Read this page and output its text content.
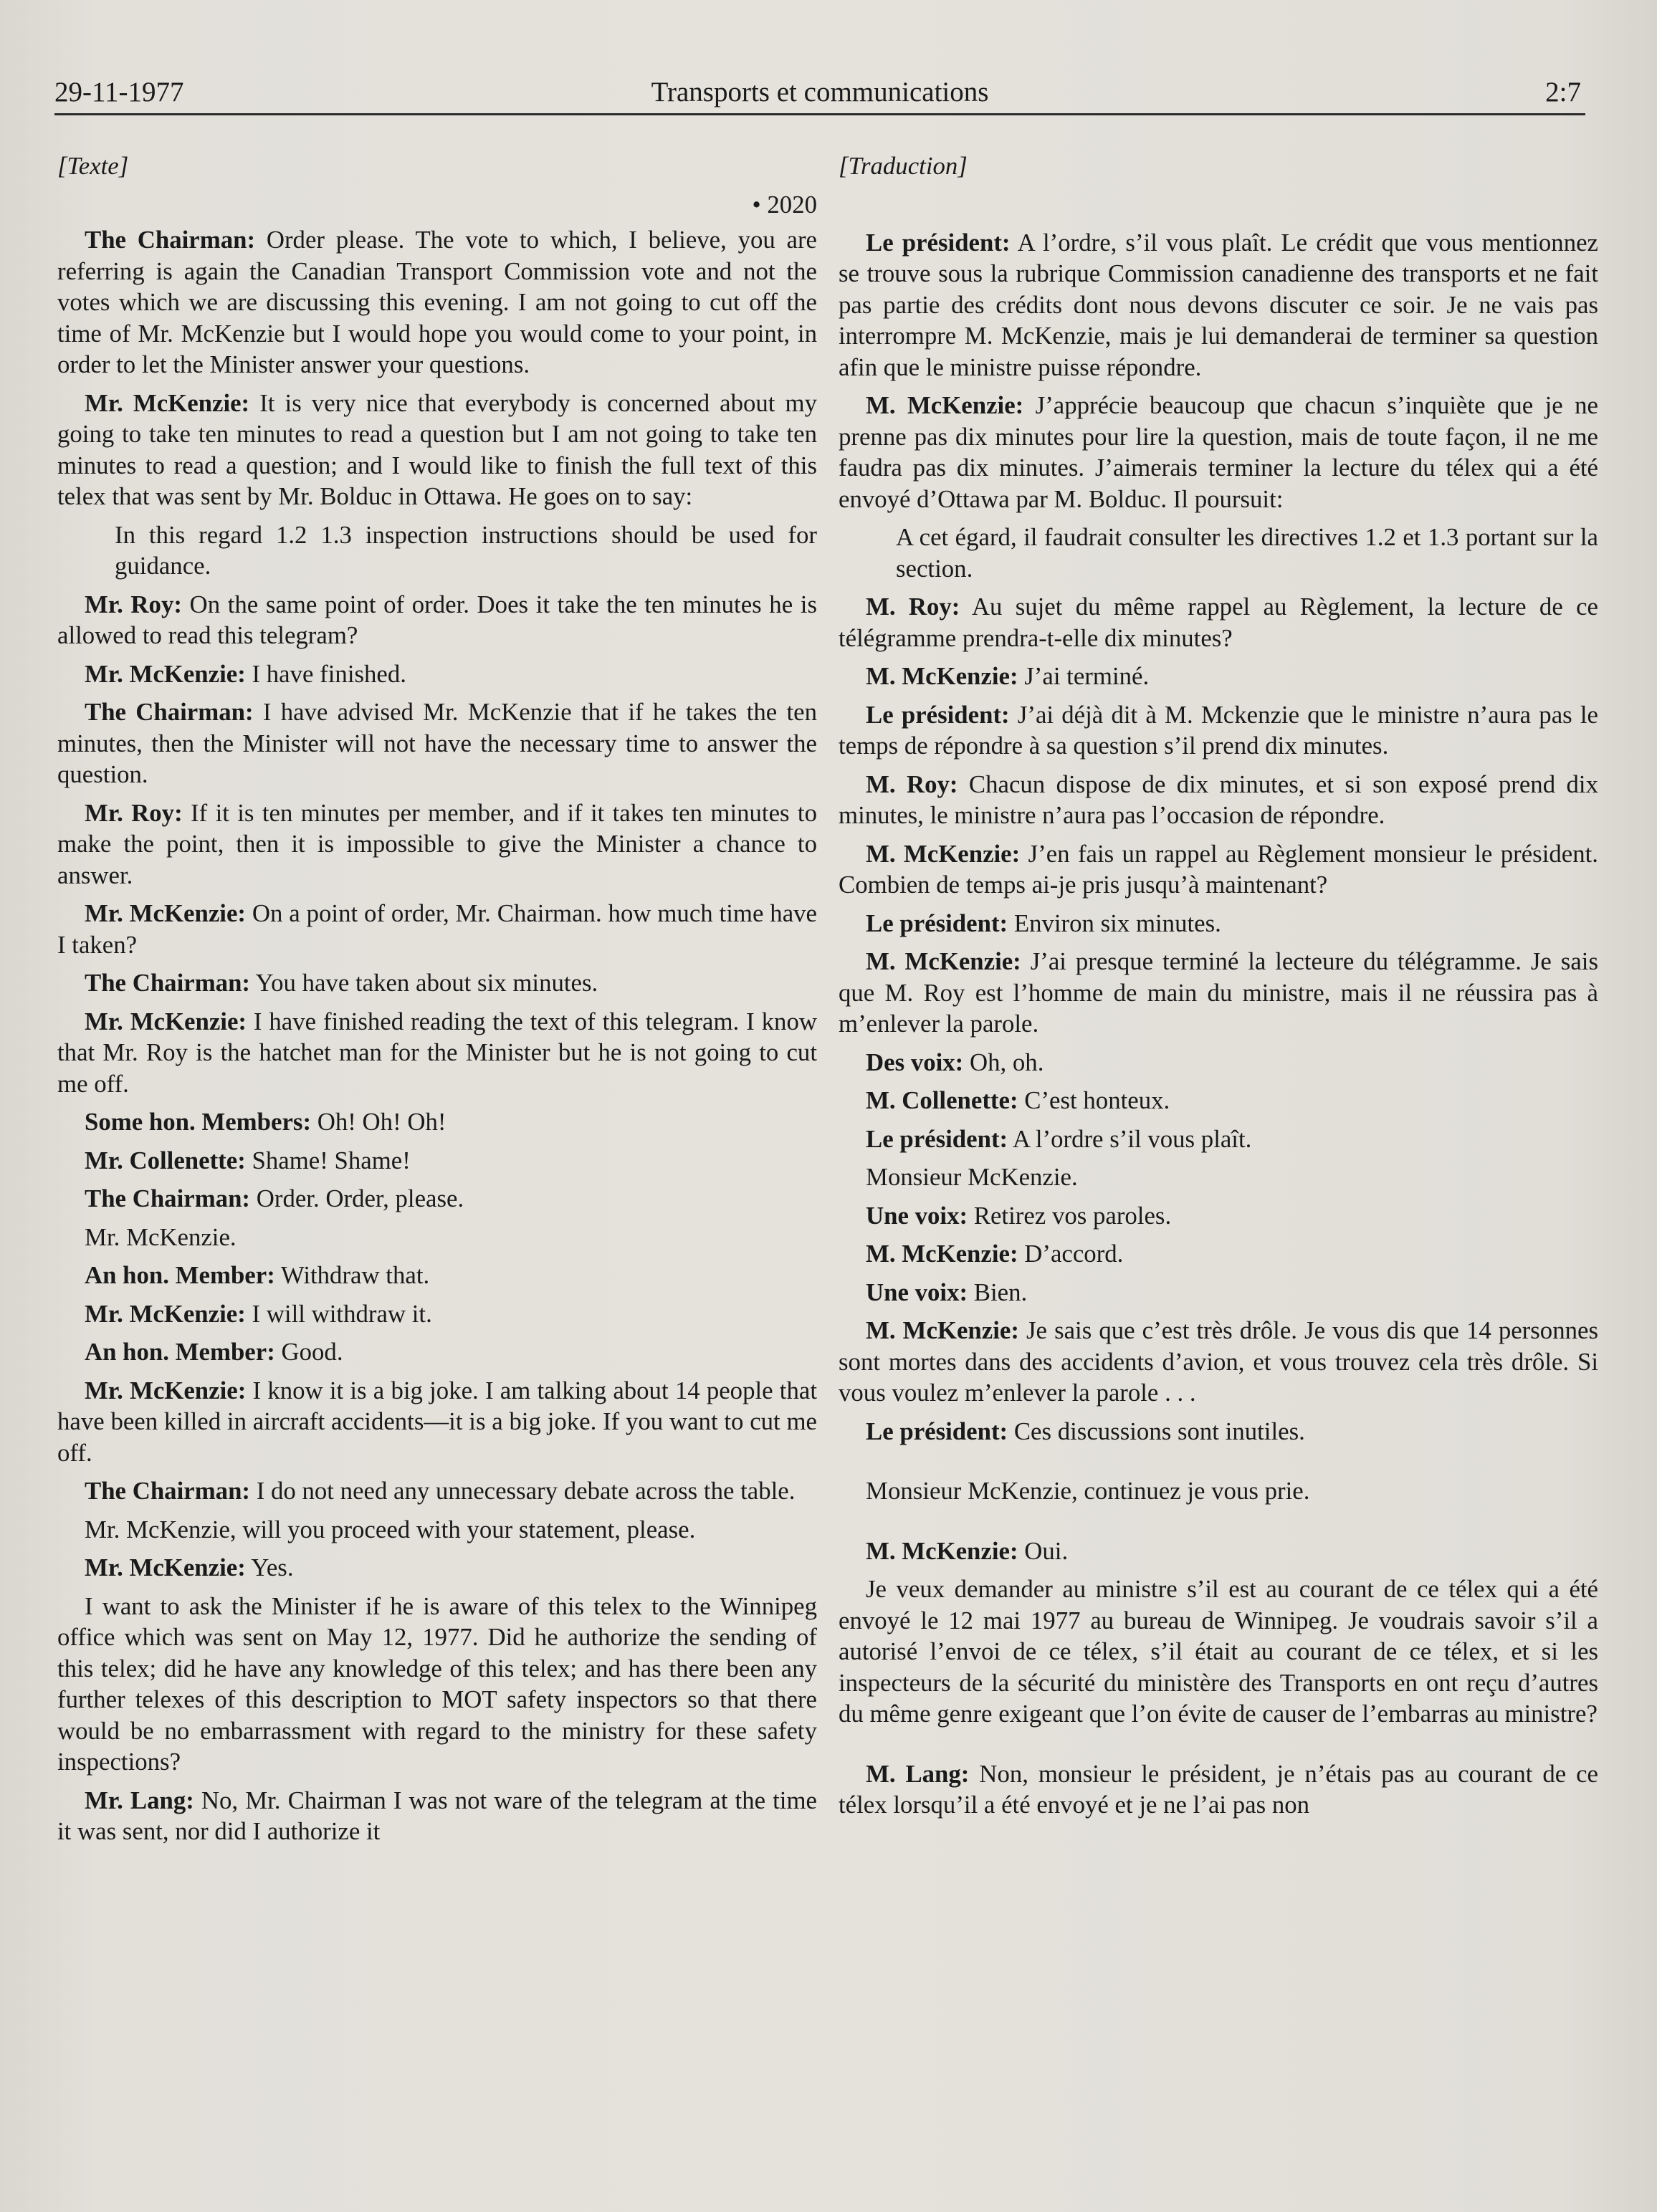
29-11-1977	Transports et communications	2:7
[Texte]
• 2020

The Chairman: Order please. The vote to which, I believe, you are referring is again the Canadian Transport Commission vote and not the votes which we are discussing this evening. I am not going to cut off the time of Mr. McKenzie but I would hope you would come to your point, in order to let the Minister answer your questions.

Mr. McKenzie: It is very nice that everybody is concerned about my going to take ten minutes to read a question but I am not going to take ten minutes to read a question; and I would like to finish the full text of this telex that was sent by Mr. Bolduc in Ottawa. He goes on to say:

In this regard 1.2 1.3 inspection instructions should be used for guidance.

Mr. Roy: On the same point of order. Does it take the ten minutes he is allowed to read this telegram?

Mr. McKenzie: I have finished.

The Chairman: I have advised Mr. McKenzie that if he takes the ten minutes, then the Minister will not have the necessary time to answer the question.

Mr. Roy: If it is ten minutes per member, and if it takes ten minutes to make the point, then it is impossible to give the Minister a chance to answer.

Mr. McKenzie: On a point of order, Mr. Chairman. how much time have I taken?

The Chairman: You have taken about six minutes.

Mr. McKenzie: I have finished reading the text of this telegram. I know that Mr. Roy is the hatchet man for the Minister but he is not going to cut me off.

Some hon. Members: Oh! Oh! Oh!

Mr. Collenette: Shame! Shame!

The Chairman: Order. Order, please.

Mr. McKenzie.

An hon. Member: Withdraw that.

Mr. McKenzie: I will withdraw it.

An hon. Member: Good.

Mr. McKenzie: I know it is a big joke. I am talking about 14 people that have been killed in aircraft accidents—it is a big joke. If you want to cut me off.

The Chairman: I do not need any unnecessary debate across the table.

Mr. McKenzie, will you proceed with your statement, please.

Mr. McKenzie: Yes.

I want to ask the Minister if he is aware of this telex to the Winnipeg office which was sent on May 12, 1977. Did he authorize the sending of this telex; did he have any knowledge of this telex; and has there been any further telexes of this description to MOT safety inspectors so that there would be no embarrassment with regard to the ministry for these safety inspections?

Mr. Lang: No, Mr. Chairman I was not ware of the telegram at the time it was sent, nor did I authorize it

[Traduction]

Le président: A l’ordre, s’il vous plaît. Le crédit que vous mentionnez se trouve sous la rubrique Commission canadienne des transports et ne fait pas partie des crédits dont nous devons discuter ce soir. Je ne vais pas interrompre M. McKenzie, mais je lui demanderai de terminer sa question afin que le ministre puisse répondre.

M. McKenzie: J’apprécie beaucoup que chacun s’inquiète que je ne prenne pas dix minutes pour lire la question, mais de toute façon, il ne me faudra pas dix minutes. J’aimerais terminer la lecture du télex qui a été envoyé d’Ottawa par M. Bolduc. Il poursuit:

A cet égard, il faudrait consulter les directives 1.2 et 1.3 portant sur la section.

M. Roy: Au sujet du même rappel au Règlement, la lecture de ce télégramme prendra-t-elle dix minutes?

M. McKenzie: J’ai terminé.

Le président: J’ai déjà dit à M. Mckenzie que le ministre n’aura pas le temps de répondre à sa question s’il prend dix minutes.

M. Roy: Chacun dispose de dix minutes, et si son exposé prend dix minutes, le ministre n’aura pas l’occasion de répondre.

M. McKenzie: J’en fais un rappel au Règlement monsieur le président. Combien de temps ai-je pris jusqu’à maintenant?

Le président: Environ six minutes.

M. McKenzie: J’ai presque terminé la lecteure du télégramme. Je sais que M. Roy est l’homme de main du ministre, mais il ne réussira pas à m’enlever la parole.

Des voix: Oh, oh.

M. Collenette: C’est honteux.

Le président: A l’ordre s’il vous plaît.

Monsieur McKenzie.

Une voix: Retirez vos paroles.

M. McKenzie: D’accord.

Une voix: Bien.

M. McKenzie: Je sais que c’est très drôle. Je vous dis que 14 personnes sont mortes dans des accidents d’avion, et vous trouvez cela très drôle. Si vous voulez m’enlever la parole . . .

Le président: Ces discussions sont inutiles.

Monsieur McKenzie, continuez je vous prie.

M. McKenzie: Oui.

Je veux demander au ministre s’il est au courant de ce télex qui a été envoyé le 12 mai 1977 au bureau de Winnipeg. Je voudrais savoir s’il a autorisé l’envoi de ce télex, s’il était au courant de ce télex, et si les inspecteurs de la sécurité du ministère des Transports en ont reçu d’autres du même genre exigeant que l’on évite de causer de l’embarras au ministre?

M. Lang: Non, monsieur le président, je n’étais pas au courant de ce télex lorsqu’il a été envoyé et je ne l’ai pas non
